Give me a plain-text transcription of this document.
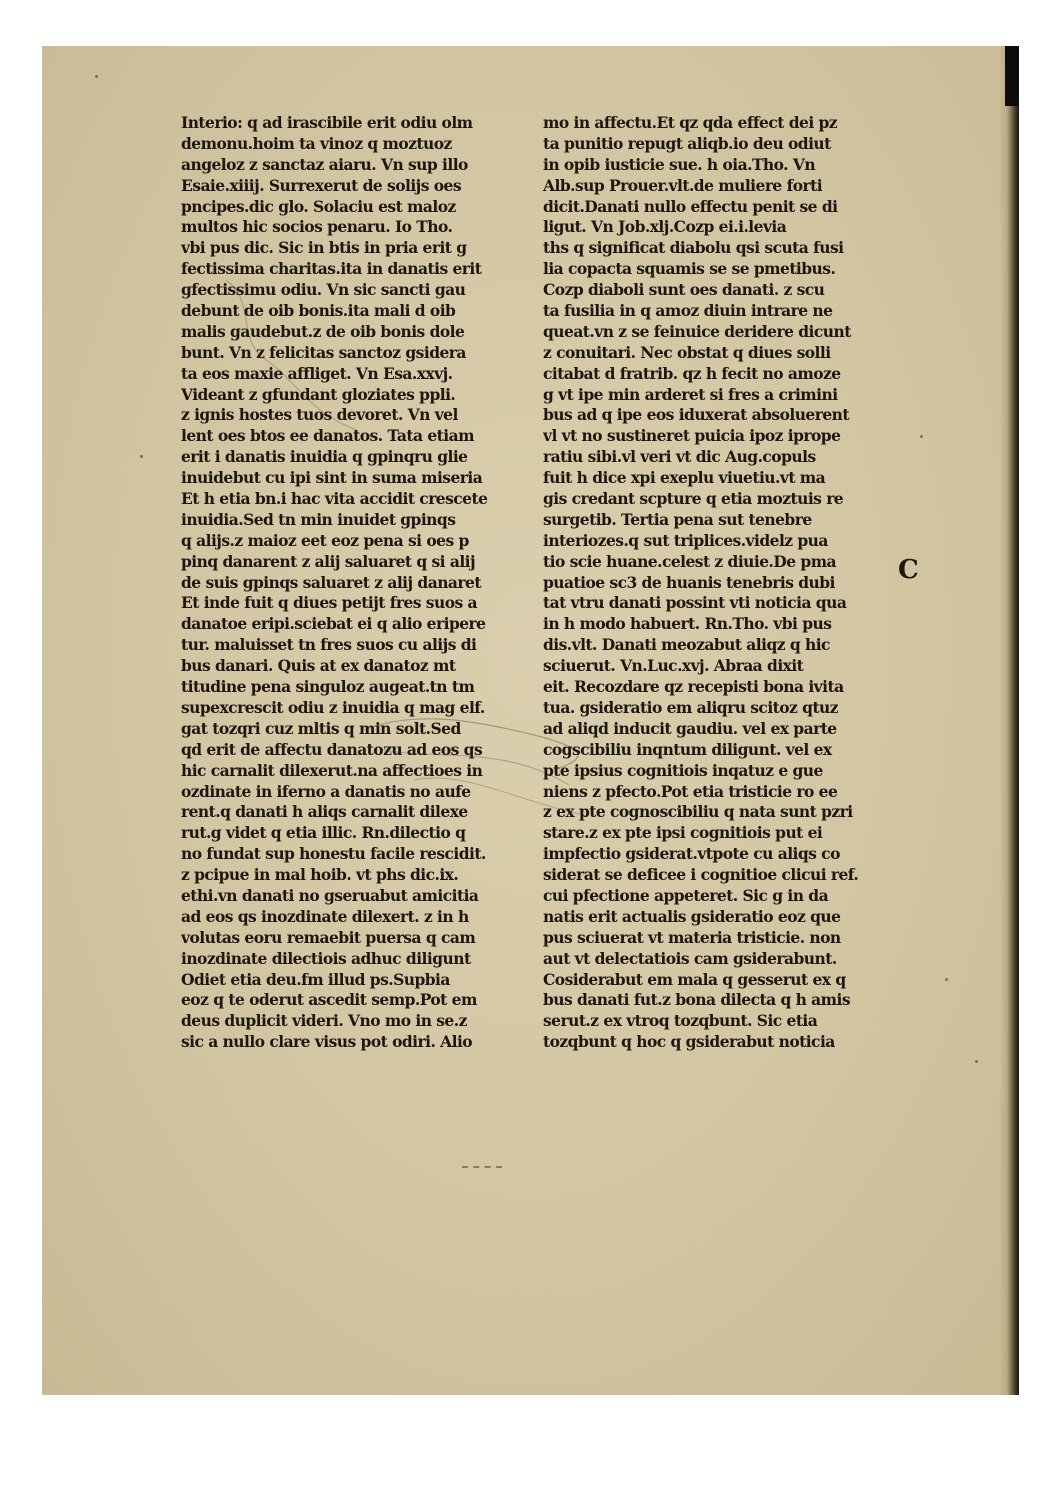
Interio: q ad irascibile erit odiu olm
demonu.hoim ta vinoz q moztuoz
angeloz z sanctaz aiaru. Vn sup illo
Esaie.xiiij. Surrexerut de solijs oes
pncipes.dic glo. Solaciu est maloz
multos hic socios penaru. Io Tho.
vbi pus dic. Sic in btis in pria erit g
fectissima charitas.ita in danatis erit
gfectissimu odiu. Vn sic sancti gau
debunt de oib bonis.ita mali d oib
malis gaudebut.z de oib bonis dole
bunt. Vn z felicitas sanctoz gsidera
ta eos maxie affliget. Vn Esa.xxvj.
Videant z gfundant gloziates ppli.
z ignis hostes tuos devoret. Vn vel
lent oes btos ee danatos. Tata etiam
erit i danatis inuidia q gpinqru glie
inuidebut cu ipi sint in suma miseria
Et h etia bn.i hac vita accidit crescete
inuidia.Sed tn min inuidet gpinqs
q alijs.z maioz eet eoz pena si oes p
pinq danarent z alij saluaret q si alij
de suis gpinqs saluaret z alij danaret
Et inde fuit q diues petijt fres suos a
danatoe eripi.sciebat ei q alio eripere
tur. maluisset tn fres suos cu alijs di
bus danari. Quis at ex danatoz mt
titudine pena singuloz augeat.tn tm
supexcrescit odiu z inuidia q mag elf.
gat tozqri cuz mltis q min solt.Sed
qd erit de affectu danatozu ad eos qs
hic carnalit dilexerut.na affectioes in
ozdinate in iferno a danatis no aufe
rent.q danati h aliqs carnalit dilexe
rut.g videt q etia illic. Rn.dilectio q
no fundat sup honestu facile rescidit.
z pcipue in mal hoib. vt phs dic.ix.
ethi.vn danati no gseruabut amicitia
ad eos qs inozdinate dilexert. z in h
volutas eoru remaebit puersa q cam
inozdinate dilectiois adhuc diligunt
Odiet etia deu.fm illud ps.Supbia
eoz q te oderut ascedit semp.Pot em
deus duplicit videri. Vno mo in se.z
sic a nullo clare visus pot odiri. Alio
mo in affectu.Et qz qda effect dei pz
ta punitio repugt aliqb.io deu odiut
in opib iusticie sue. h oia.Tho. Vn
Alb.sup Prouer.vlt.de muliere forti
dicit.Danati nullo effectu penit se di
ligut. Vn Job.xlj.Cozp ei.i.levia
ths q significat diabolu qsi scuta fusi
lia copacta squamis se se pmetibus.
Cozp diaboli sunt oes danati. z scu
ta fusilia in q amoz diuin intrare ne
queat.vn z se feinuice deridere dicunt
z conuitari. Nec obstat q diues solli
citabat d fratrib. qz h fecit no amoze
g vt ipe min arderet si fres a crimini
bus ad q ipe eos iduxerat absoluerent
vl vt no sustineret puicia ipoz iprope
ratiu sibi.vl veri vt dic Aug.copuls
fuit h dice xpi exeplu viuetiu.vt ma
gis credant scpture q etia moztuis re
surgetib. Tertia pena sut tenebre
interiozes.q sut triplices.videlz pua
tio scie huane.celest z diuie.De pma
puatioe sc3 de huanis tenebris dubi
tat vtru danati possint vti noticia qua
in h modo habuert. Rn.Tho. vbi pus
dis.vlt. Danati meozabut aliqz q hic
sciuerut. Vn.Luc.xvj. Abraa dixit
eit. Recozdare qz recepisti bona ivita
tua. gsideratio em aliqru scitoz qtuz
ad aliqd inducit gaudiu. vel ex parte
cogscibiliu inqntum diligunt. vel ex
pte ipsius cognitiois inqatuz e gue
niens z pfecto.Pot etia tristicie ro ee
z ex pte cognoscibiliu q nata sunt pzri
stare.z ex pte ipsi cognitiois put ei
impfectio gsiderat.vtpote cu aliqs co
siderat se deficee i cognitioe clicui ref.
cui pfectione appeteret. Sic g in da
natis erit actualis gsideratio eoz que
pus sciuerat vt materia tristicie. non
aut vt delectatiois cam gsiderabunt.
Cosiderabut em mala q gesserut ex q
bus danati fut.z bona dilecta q h amis
serut.z ex vtroq tozqbunt. Sic etia
tozqbunt q hoc q gsiderabut noticia
C
